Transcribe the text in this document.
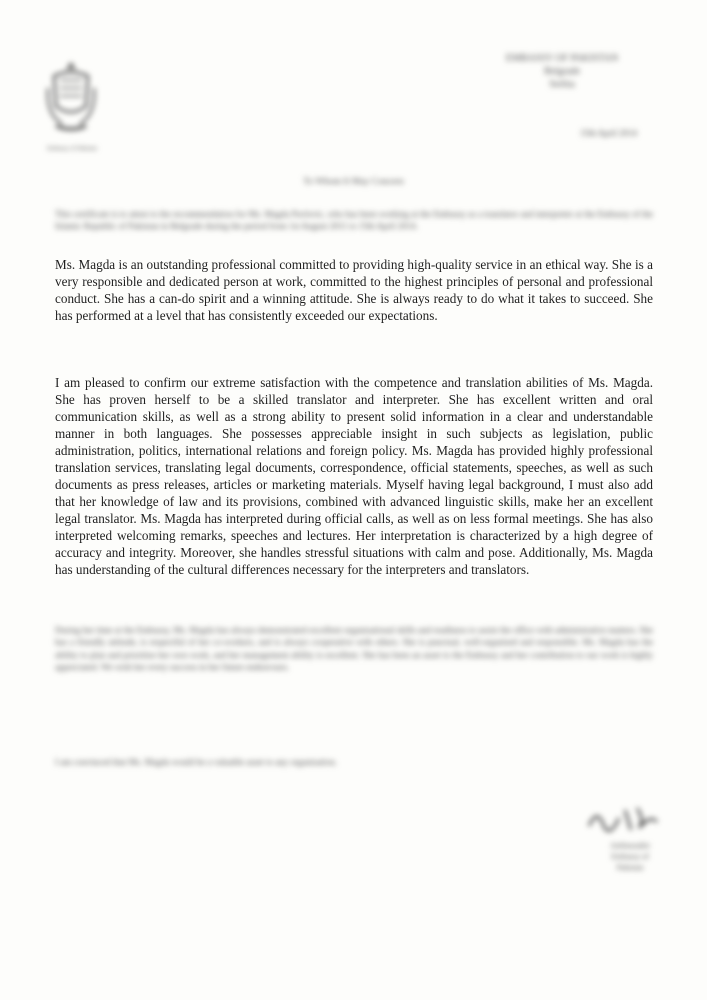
Embassy of Pakistan
EMBASSY OF PAKISTAN
Belgrade
Serbia
15th April 2014
To Whom It May Concern

This certificate is to attest to the recommendation for Ms. Magda Pavlovic, who has been working at the Embassy as a translator and interpreter at the Embassy of the Islamic Republic of Pakistan in Belgrade during the period from 1st August 2011 to 15th April 2014.

Ms. Magda is an outstanding professional committed to providing high-quality service in an ethical way. She is a very responsible and dedicated person at work, committed to the highest principles of personal and professional conduct. She has a can-do spirit and a winning attitude. She is always ready to do what it takes to succeed. She has performed at a level that has consistently exceeded our expectations.

I am pleased to confirm our extreme satisfaction with the competence and translation abilities of Ms. Magda. She has proven herself to be a skilled translator and interpreter. She has excellent written and oral communication skills, as well as a strong ability to present solid information in a clear and understandable manner in both languages. She possesses appreciable insight in such subjects as legislation, public administration, politics, international relations and foreign policy. Ms. Magda has provided highly professional translation services, translating legal documents, correspondence, official statements, speeches, as well as such documents as press releases, articles or marketing materials. Myself having legal background, I must also add that her knowledge of law and its provisions, combined with advanced linguistic skills, make her an excellent legal translator. Ms. Magda has interpreted during official calls, as well as on less formal meetings. She has also interpreted welcoming remarks, speeches and lectures. Her interpretation is characterized by a high degree of accuracy and integrity. Moreover, she handles stressful situations with calm and pose. Additionally, Ms. Magda has understanding of the cultural differences necessary for the interpreters and translators.

During her time at the Embassy, Ms. Magda has always demonstrated excellent organisational skills and readiness to assist the office with administrative matters. She has a friendly attitude, is respectful of her co-workers, and is always cooperative with others. She is punctual, well-organised and responsible. Ms. Magda has the ability to plan and prioritise her own work, and her management ability is excellent. She has been an asset to the Embassy and her contribution to our work is highly appreciated. We wish her every success in her future endeavours.

I am convinced that Ms. Magda would be a valuable asset to any organisation.

Ambassador
Embassy of Pakistan
